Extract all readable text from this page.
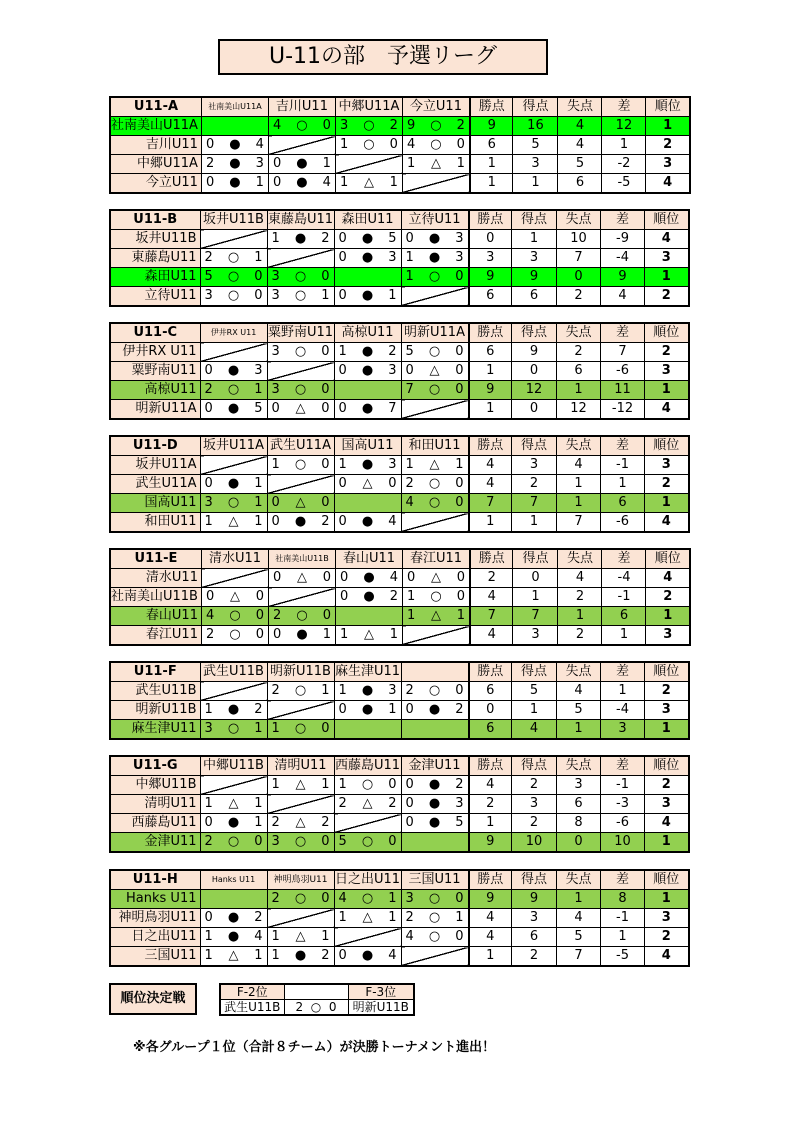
U-11の部　予選リーグ
U11-A	社南美山U11A	吉川U11	中郷U11A	今立U11	勝点	得点	失点	差	順位
社南美山U11A		4 ○ 0	3 ○ 2	9 ○ 2	9	16	4	12	1
吉川U11	0 ● 4		1 ○ 0	4 ○ 0	6	5	4	1	2
中郷U11A	2 ● 3	0 ● 1		1 △ 1	1	3	5	-2	3
今立U11	0 ● 1	0 ● 4	1 △ 1		1	1	6	-5	4
U11-B	坂井U11B	東藤島U11	森田U11	立待U11	勝点	得点	失点	差	順位
坂井U11B		1 ● 2	0 ● 5	0 ● 3	0	1	10	-9	4
東藤島U11	2 ○ 1		0 ● 3	1 ● 3	3	3	7	-4	3
森田U11	5 ○ 0	3 ○ 0		1 ○ 0	9	9	0	9	1
立待U11	3 ○ 0	3 ○ 1	0 ● 1		6	6	2	4	2
U11-C	伊井RX U11	粟野南U11	高椋U11	明新U11A	勝点	得点	失点	差	順位
伊井RX U11		3 ○ 0	1 ● 2	5 ○ 0	6	9	2	7	2
粟野南U11	0 ● 3		0 ● 3	0 △ 0	1	0	6	-6	3
高椋U11	2 ○ 1	3 ○ 0		7 ○ 0	9	12	1	11	1
明新U11A	0 ● 5	0 △ 0	0 ● 7		1	0	12	-12	4
U11-D	坂井U11A	武生U11A	国高U11	和田U11	勝点	得点	失点	差	順位
坂井U11A		1 ○ 0	1 ● 3	1 △ 1	4	3	4	-1	3
武生U11A	0 ● 1		0 △ 0	2 ○ 0	4	2	1	1	2
国高U11	3 ○ 1	0 △ 0		4 ○ 0	7	7	1	6	1
和田U11	1 △ 1	0 ● 2	0 ● 4		1	1	7	-6	4
U11-E	清水U11	社南美山U11B	春山U11	春江U11	勝点	得点	失点	差	順位
清水U11		0 △ 0	0 ● 4	0 △ 0	2	0	4	-4	4
社南美山U11B	0 △ 0		0 ● 2	1 ○ 0	4	1	2	-1	2
春山U11	4 ○ 0	2 ○ 0		1 △ 1	7	7	1	6	1
春江U11	2 ○ 0	0 ● 1	1 △ 1		4	3	2	1	3
U11-F	武生U11B	明新U11B	麻生津U11		勝点	得点	失点	差	順位
武生U11B		2 ○ 1	1 ● 3	2 ○ 0	6	5	4	1	2
明新U11B	1 ● 2		0 ● 1	0 ● 2	0	1	5	-4	3
麻生津U11	3 ○ 1	1 ○ 0			6	4	1	3	1
U11-G	中郷U11B	清明U11	西藤島U11	金津U11	勝点	得点	失点	差	順位
中郷U11B		1 △ 1	1 ○ 0	0 ● 2	4	2	3	-1	2
清明U11	1 △ 1		2 △ 2	0 ● 3	2	3	6	-3	3
西藤島U11	0 ● 1	2 △ 2		0 ● 5	1	2	8	-6	4
金津U11	2 ○ 0	3 ○ 0	5 ○ 0		9	10	0	10	1
U11-H	Hanks U11	神明鳥羽U11	日之出U11	三国U11	勝点	得点	失点	差	順位
Hanks U11		2 ○ 0	4 ○ 1	3 ○ 0	9	9	1	8	1
神明鳥羽U11	0 ● 2		1 △ 1	2 ○ 1	4	3	4	-1	3
日之出U11	1 ● 4	1 △ 1		4 ○ 0	4	6	5	1	2
三国U11	1 △ 1	1 ● 2	0 ● 4		1	2	7	-5	4
順位決定戦	F-2位		F-3位
武生U11B	2 ○ 0	明新U11B
※各グループ１位（合計８チーム）が決勝トーナメント進出！
